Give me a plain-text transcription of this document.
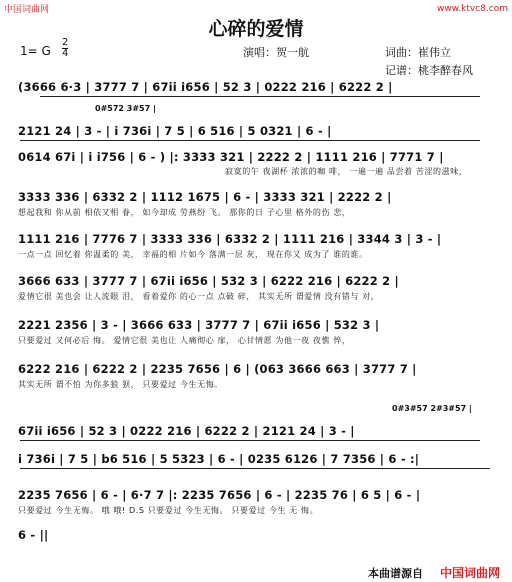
中国词曲网	www.ktvc8.com
心碎的爱情
1= G
2
4	演唱：贺一航	词曲：崔伟立
记谱：桃李醉春风
(3666 6·3 | 3777 7 | 67ii i656 | 52 3 | 0222 216 | 6222 2 |
0#572 3#57 |
2121 24 | 3 - | i 736i | 7 5 | 6 516 | 5 0321 | 6 - |
0614 67i | i i756 | 6 - ) |: 3333 321 | 2222 2 | 1111 216 | 7771 7 |
寂寞的午 夜湖杯 浓浓的咖 啡， 一遍一遍 品尝着 苦涩的滋味，
3333 336 | 6332 2 | 1112 1675 | 6 - | 3333 321 | 2222 2 |
想起我和 你从前 相依又相 眷， 如今却成 劳燕纷 飞。 那你的日 子心里 格外的伤 悲，
1111 216 | 7776 7 | 3333 336 | 6332 2 | 1111 216 | 3344 3 | 3 - |
一点一点 回忆着 你温柔的 美， 幸福的相 片如今 落满一层 灰， 现在你又 成为了 谁的谁。
3666 633 | 3777 7 | 67ii i656 | 532 3 | 6222 216 | 6222 2 |
爱情它很 美也会 让人流眼 泪， 看着爱你 的心一点 点破 碎， 其实无所 谓爱情 没有错与 对，
2221 2356 | 3 - | 3666 633 | 3777 7 | 67ii i656 | 532 3 |
只要爱过 又何必后 悔。 爱情它很 美也让 人痛彻心 扉， 心甘情愿 为他一夜 夜憔 悴，
6222 216 | 6222 2 | 2235 7656 | 6 | (063 3666 663 | 3777 7 |
其实无所 谓不怕 为你多狼 狈， 只要爱过 今生无悔。
0#3#57 2#3#57 |
67ii i656 | 52 3 | 0222 216 | 6222 2 | 2121 24 | 3 - |
i 736i | 7 5 | b6 516 | 5 5323 | 6 - | 0235 6126 | 7 7356 | 6 - :|
2235 7656 | 6 - | 6·7 7 |: 2235 7656 | 6 - | 2235 76 | 6 5 | 6 - |
只要爱过 今生无悔。 哦 哦! D.S 只要爱过 今生无悔。 只要爱过 今生 无 悔。
6 - ||
本曲谱源自 中国词曲网
